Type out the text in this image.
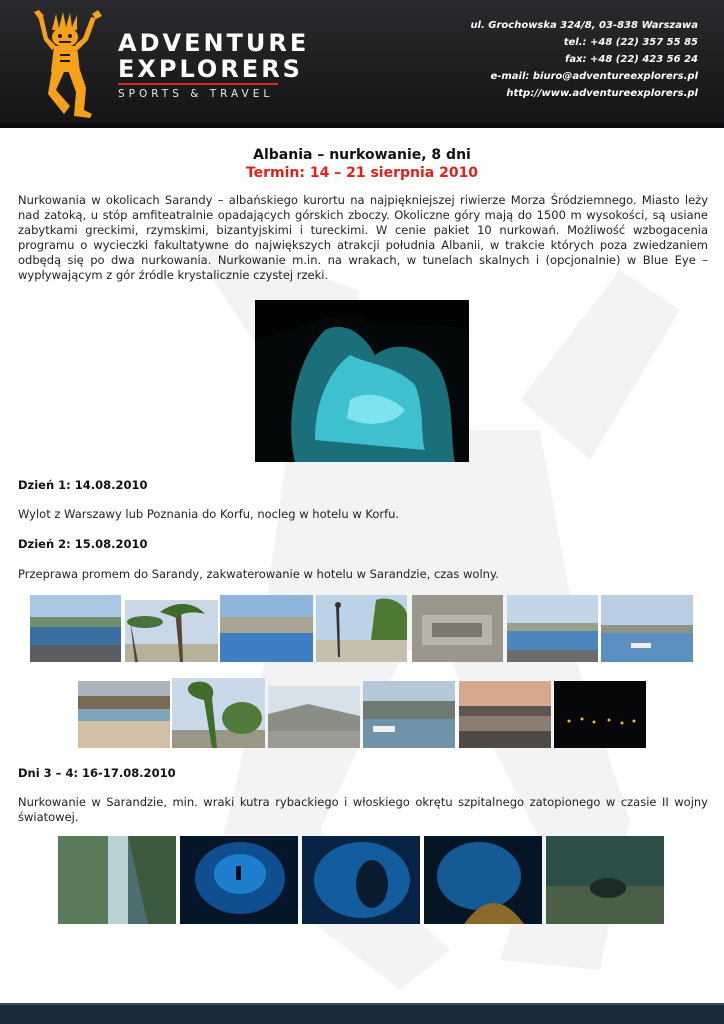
ADVENTURE
EXPLORERS
SPORTS & TRAVEL
ul. Grochowska 324/8, 03-838 Warszawa
tel.: +48 (22) 357 55 85
fax: +48 (22) 423 56 24
e-mail: biuro@adventureexplorers.pl
http://www.adventureexplorers.pl
Albania – nurkowanie, 8 dni
Termin: 14 – 21 sierpnia 2010
Nurkowania w okolicach Sarandy – albańskiego kurortu na najpiękniejszej riwierze Morza Śródziemnego. Miasto leży nad zatoką, u stóp amfiteatralnie opadających górskich zboczy. Okoliczne góry mają do 1500 m wysokości, są usiane zabytkami greckimi, rzymskimi, bizantyjskimi i tureckimi. W cenie pakiet 10 nurkowań. Możliwość wzbogacenia programu o wycieczki fakultatywne do największych atrakcji południa Albanii, w trakcie których poza zwiedzaniem odbędą się po dwa nurkowania. Nurkowanie m.in. na wrakach, w tunelach skalnych i (opcjonalnie) w Blue Eye – wypływającym z gór źródle krystalicznie czystej rzeki.
Dzień 1: 14.08.2010
Wylot z Warszawy lub Poznania do Korfu, nocleg w hotelu w Korfu.
Dzień 2: 15.08.2010
Przeprawa promem do Sarandy, zakwaterowanie w hotelu w Sarandzie, czas wolny.
Dni 3 – 4: 16-17.08.2010
Nurkowanie w Sarandzie, min. wraki kutra rybackiego i włoskiego okrętu szpitalnego zatopionego w czasie II wojny światowej.
